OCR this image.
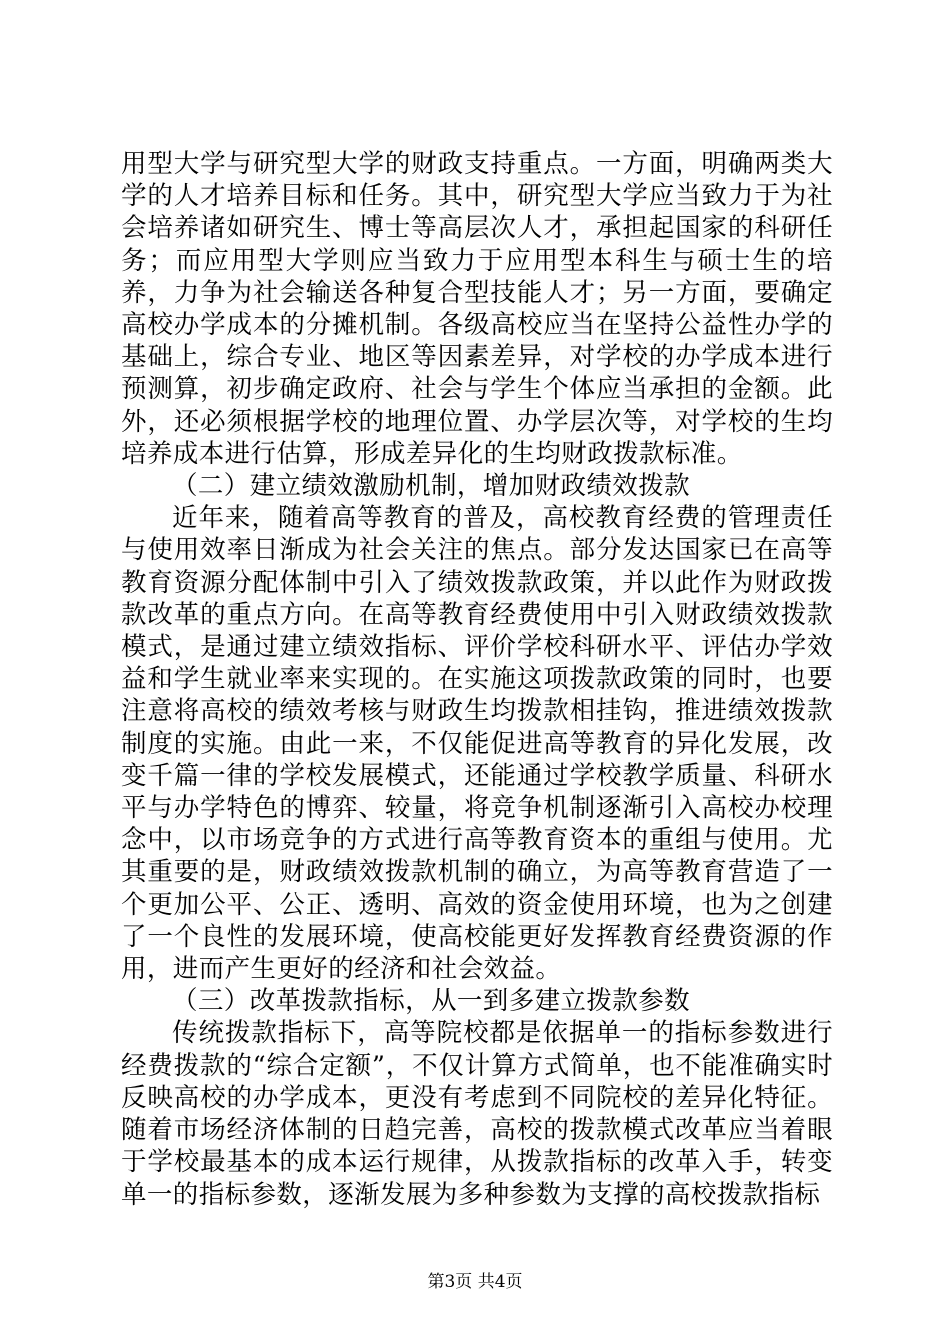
用型大学与研究型大学的财政支持重点。一方面，明确两类大学的人才培养目标和任务。其中，研究型大学应当致力于为社会培养诸如研究生、博士等高层次人才，承担起国家的科研任务；而应用型大学则应当致力于应用型本科生与硕士生的培养，力争为社会输送各种复合型技能人才；另一方面，要确定高校办学成本的分摊机制。各级高校应当在坚持公益性办学的基础上，综合专业、地区等因素差异，对学校的办学成本进行预测算，初步确定政府、社会与学生个体应当承担的金额。此外，还必须根据学校的地理位置、办学层次等，对学校的生均培养成本进行估算，形成差异化的生均财政拨款标准。

（二）建立绩效激励机制，增加财政绩效拨款

近年来，随着高等教育的普及，高校教育经费的管理责任与使用效率日渐成为社会关注的焦点。部分发达国家已在高等教育资源分配体制中引入了绩效拨款政策，并以此作为财政拨款改革的重点方向。在高等教育经费使用中引入财政绩效拨款模式，是通过建立绩效指标、评价学校科研水平、评估办学效益和学生就业率来实现的。在实施这项拨款政策的同时，也要注意将高校的绩效考核与财政生均拨款相挂钩，推进绩效拨款制度的实施。由此一来，不仅能促进高等教育的异化发展，改变千篇一律的学校发展模式，还能通过学校教学质量、科研水平与办学特色的博弈、较量，将竞争机制逐渐引入高校办校理念中，以市场竞争的方式进行高等教育资本的重组与使用。尤其重要的是，财政绩效拨款机制的确立，为高等教育营造了一个更加公平、公正、透明、高效的资金使用环境，也为之创建了一个良性的发展环境，使高校能更好发挥教育经费资源的作用，进而产生更好的经济和社会效益。

（三）改革拨款指标，从一到多建立拨款参数

传统拨款指标下，高等院校都是依据单一的指标参数进行经费拨款的“综合定额”，不仅计算方式简单，也不能准确实时反映高校的办学成本，更没有考虑到不同院校的差异化特征。随着市场经济体制的日趋完善，高校的拨款模式改革应当着眼于学校最基本的成本运行规律，从拨款指标的改革入手，转变单一的指标参数，逐渐发展为多种参数为支撑的高校拨款指标

第3页 共4页
